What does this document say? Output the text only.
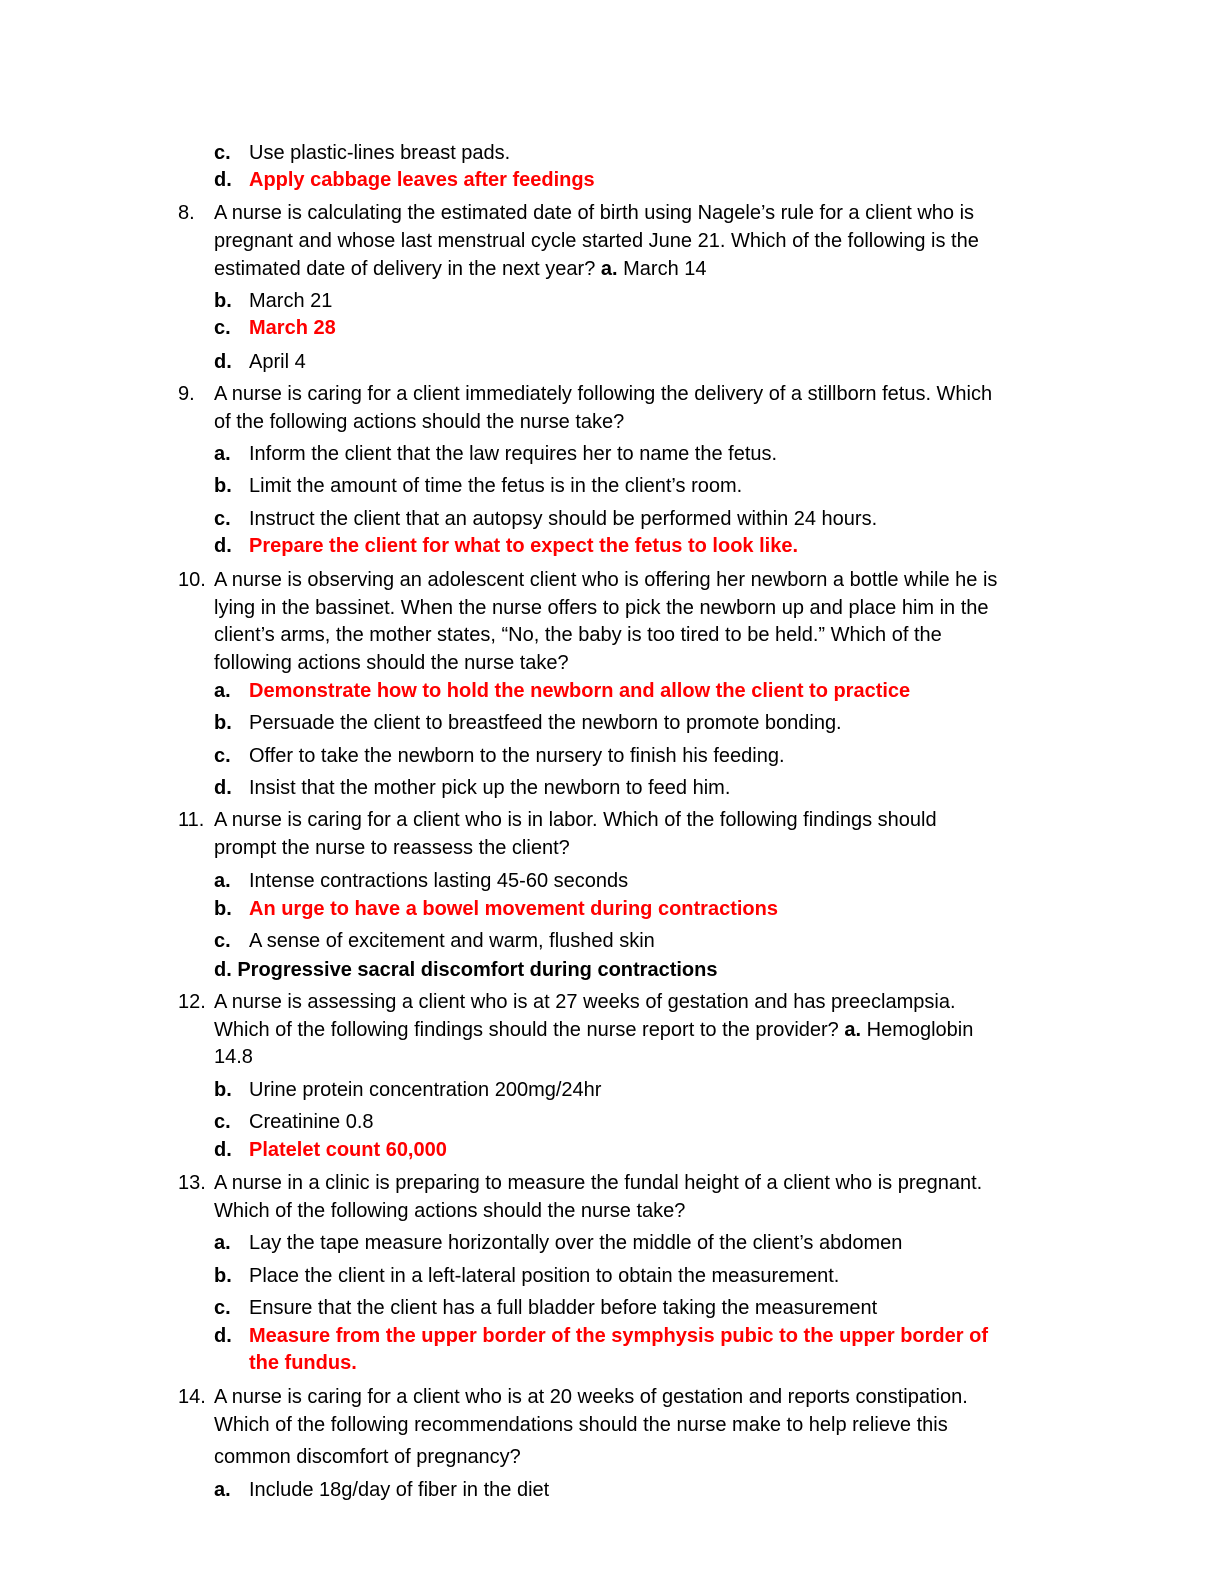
c. Use plastic-lines breast pads.
d. Apply cabbage leaves after feedings
8. A nurse is calculating the estimated date of birth using Nagele’s rule for a client who is
pregnant and whose last menstrual cycle started June 21. Which of the following is the
estimated date of delivery in the next year? a. March 14
b. March 21
c. March 28
d. April 4
9. A nurse is caring for a client immediately following the delivery of a stillborn fetus. Which
of the following actions should the nurse take?
a. Inform the client that the law requires her to name the fetus.
b. Limit the amount of time the fetus is in the client’s room.
c. Instruct the client that an autopsy should be performed within 24 hours.
d. Prepare the client for what to expect the fetus to look like.
10. A nurse is observing an adolescent client who is offering her newborn a bottle while he is
lying in the bassinet. When the nurse offers to pick the newborn up and place him in the
client’s arms, the mother states, “No, the baby is too tired to be held.” Which of the
following actions should the nurse take?
a. Demonstrate how to hold the newborn and allow the client to practice
b. Persuade the client to breastfeed the newborn to promote bonding.
c. Offer to take the newborn to the nursery to finish his feeding.
d. Insist that the mother pick up the newborn to feed him.
11. A nurse is caring for a client who is in labor. Which of the following findings should
prompt the nurse to reassess the client?
a. Intense contractions lasting 45-60 seconds
b. An urge to have a bowel movement during contractions
c. A sense of excitement and warm, flushed skin
d. Progressive sacral discomfort during contractions
12. A nurse is assessing a client who is at 27 weeks of gestation and has preeclampsia.
Which of the following findings should the nurse report to the provider? a. Hemoglobin
14.8
b. Urine protein concentration 200mg/24hr
c. Creatinine 0.8
d. Platelet count 60,000
13. A nurse in a clinic is preparing to measure the fundal height of a client who is pregnant.
Which of the following actions should the nurse take?
a. Lay the tape measure horizontally over the middle of the client’s abdomen
b. Place the client in a left-lateral position to obtain the measurement.
c. Ensure that the client has a full bladder before taking the measurement
d. Measure from the upper border of the symphysis pubic to the upper border of
the fundus.
14. A nurse is caring for a client who is at 20 weeks of gestation and reports constipation.
Which of the following recommendations should the nurse make to help relieve this
common discomfort of pregnancy?
a. Include 18g/day of fiber in the diet
